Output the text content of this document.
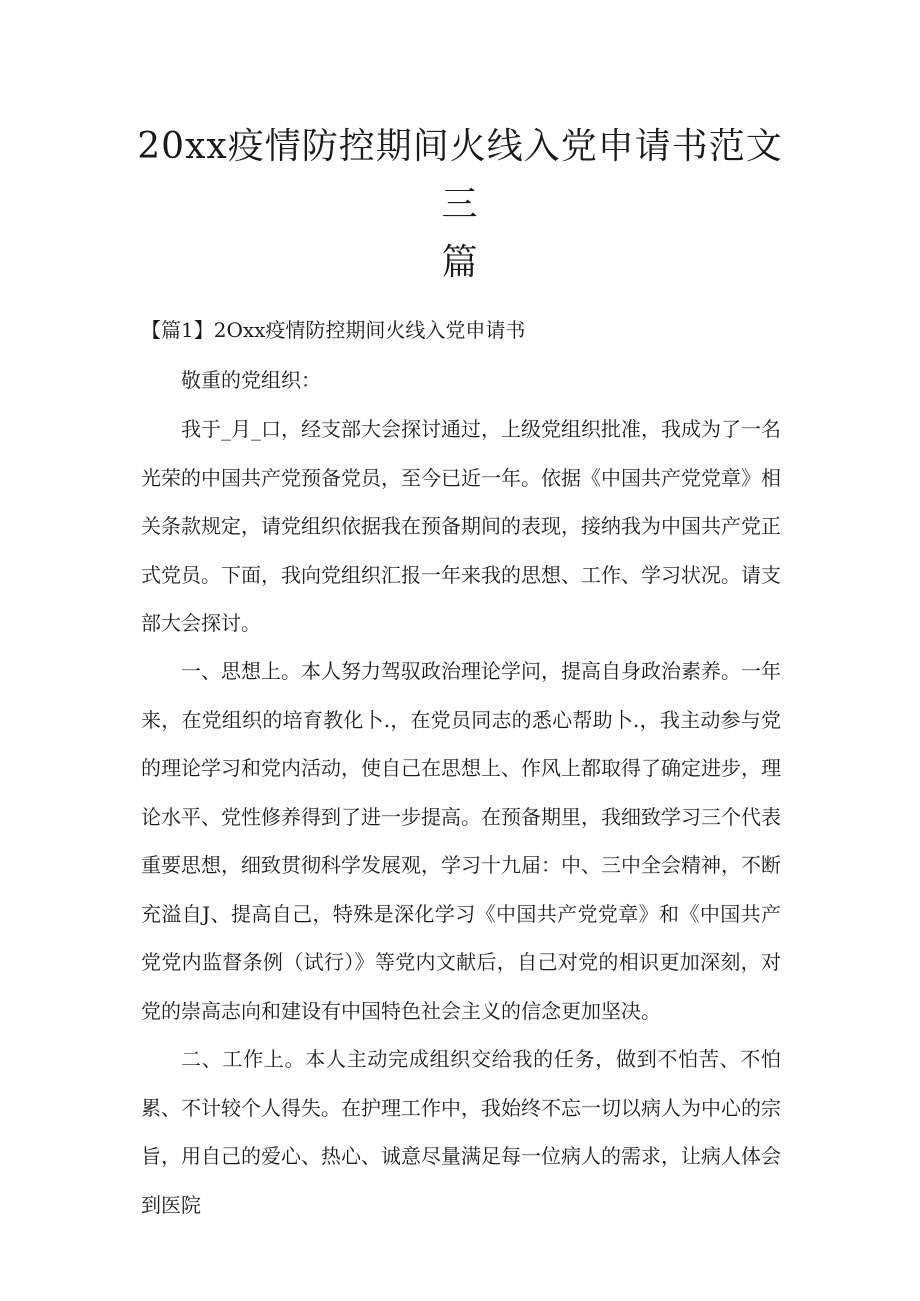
20xx疫情防控期间火线入党申请书范文三
篇

【篇1】2Oxx疫情防控期间火线入党申请书

敬重的党组织：

我于_月_口，经支部大会探讨通过，上级党组织批准，我成为了一名光荣的中国共产党预备党员，至今已近一年。依据《中国共产党党章》相关条款规定，请党组织依据我在预备期间的表现，接纳我为中国共产党正式党员。下面，我向党组织汇报一年来我的思想、工作、学习状况。请支部大会探讨。

一、思想上。本人努力驾驭政治理论学问，提高自身政治素养。一年来，在党组织的培育教化卜.，在党员同志的悉心帮助卜.，我主动参与党的理论学习和党内活动，使自己在思想上、作风上都取得了确定进步，理论水平、党性修养得到了进一步提高。在预备期里，我细致学习三个代表重要思想，细致贯彻科学发展观，学习十九届：中、三中全会精神，不断充溢自J、提高自己，特殊是深化学习《中国共产党党章》和《中国共产党党内监督条例（试行）》等党内文献后，自己对党的相识更加深刻，对党的崇高志向和建设有中国特色社会主义的信念更加坚决。

二、工作上。本人主动完成组织交给我的任务，做到不怕苦、不怕累、不计较个人得失。在护理工作中，我始终不忘一切以病人为中心的宗旨，用自己的爱心、热心、诚意尽量满足每一位病人的需求，让病人体会到医院
